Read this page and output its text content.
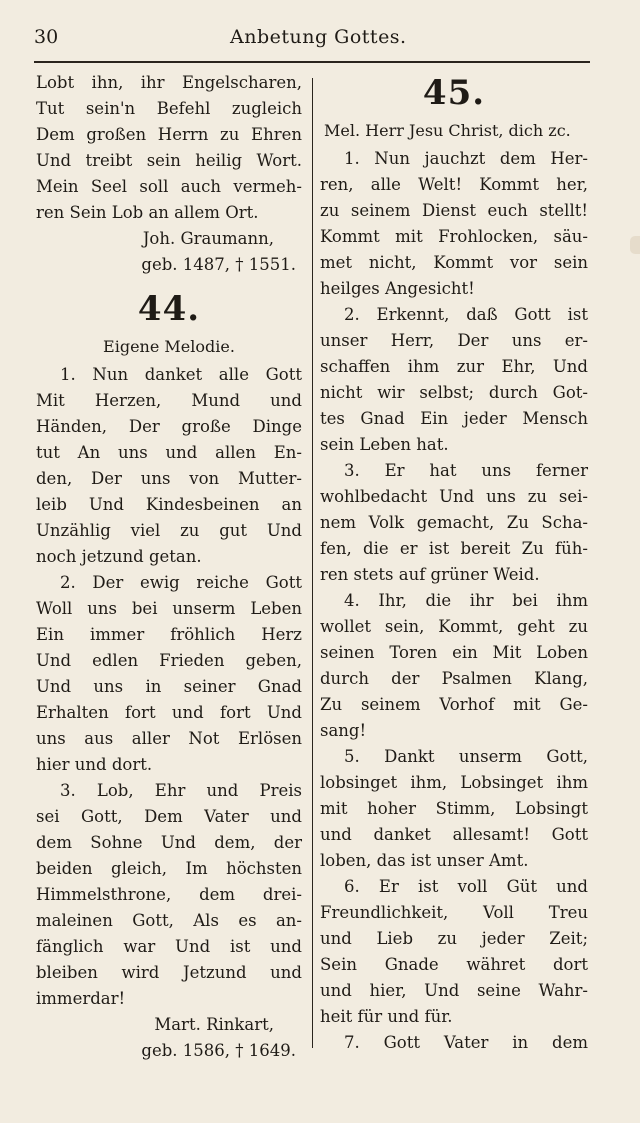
30	Anbetung Gottes.
Lobt ihn, ihr Engelscharen,
Tut sein'n Befehl zugleich
Dem großen Herrn zu Ehren
Und treibt sein heilig Wort.
Mein Seel soll auch vermeh-
ren Sein Lob an allem Ort.
Joh. Graumann,
geb. 1487, † 1551.
44.
Eigene Melodie.
1. Nun danket alle Gott
Mit Herzen, Mund und
Händen, Der große Dinge
tut An uns und allen En-
den, Der uns von Mutter-
leib Und Kindesbeinen an
Unzählig viel zu gut Und
noch jetzund getan.
2. Der ewig reiche Gott
Woll uns bei unserm Leben
Ein immer fröhlich Herz
Und edlen Frieden geben,
Und uns in seiner Gnad
Erhalten fort und fort Und
uns aus aller Not Erlösen
hier und dort.
3. Lob, Ehr und Preis
sei Gott, Dem Vater und
dem Sohne Und dem, der
beiden gleich, Im höchsten
Himmelsthrone, dem drei-
maleinen Gott, Als es an-
fänglich war Und ist und
bleiben wird Jetzund und
immerdar!
Mart. Rinkart,
geb. 1586, † 1649.
45.
Mel. Herr Jesu Christ, dich zc.
1. Nun jauchzt dem Her-
ren, alle Welt! Kommt her,
zu seinem Dienst euch stellt!
Kommt mit Frohlocken, säu-
met nicht, Kommt vor sein
heilges Angesicht!
2. Erkennt, daß Gott ist
unser Herr, Der uns er-
schaffen ihm zur Ehr, Und
nicht wir selbst; durch Got-
tes Gnad Ein jeder Mensch
sein Leben hat.
3. Er hat uns ferner
wohlbedacht Und uns zu sei-
nem Volk gemacht, Zu Scha-
fen, die er ist bereit Zu füh-
ren stets auf grüner Weid.
4. Ihr, die ihr bei ihm
wollet sein, Kommt, geht zu
seinen Toren ein Mit Loben
durch der Psalmen Klang,
Zu seinem Vorhof mit Ge-
sang!
5. Dankt unserm Gott,
lobsinget ihm, Lobsinget ihm
mit hoher Stimm, Lobsingt
und danket allesamt! Gott
loben, das ist unser Amt.
6. Er ist voll Güt und
Freundlichkeit, Voll Treu
und Lieb zu jeder Zeit;
Sein Gnade währet dort
und hier, Und seine Wahr-
heit für und für.
7. Gott Vater in dem
